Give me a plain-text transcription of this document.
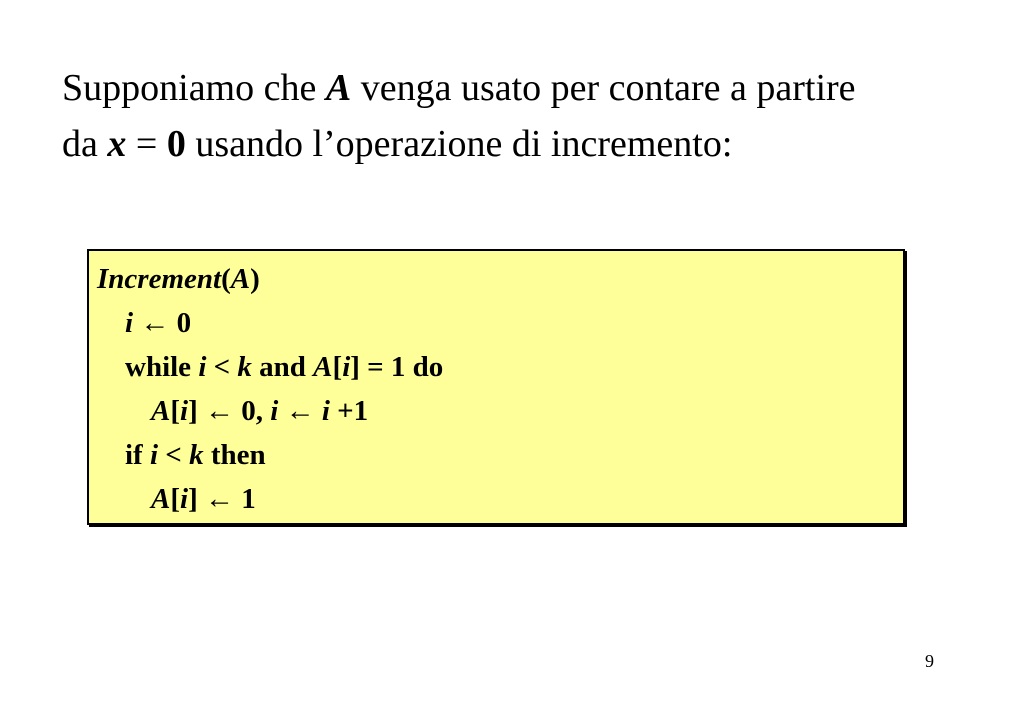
Supponiamo che A venga usato per contare a partire
da x = 0 usando l’operazione di incremento:
Increment(A)
i ← 0
while i < k and A[i] = 1 do
A[i] ← 0, i ← i +1
if i < k then
A[i] ← 1
9
